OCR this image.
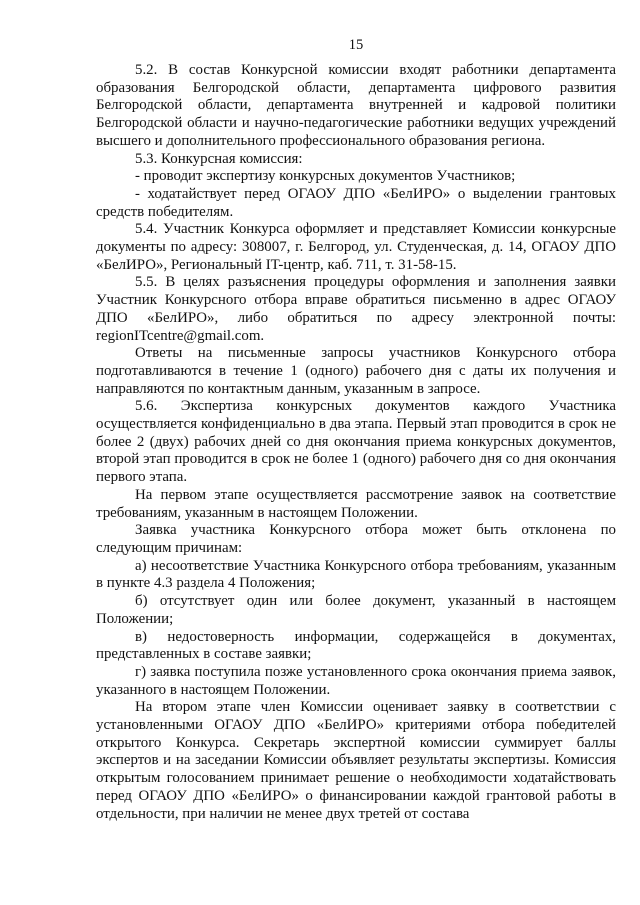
15

5.2. В состав Конкурсной комиссии входят работники департамента образования Белгородской области, департамента цифрового развития Белгородской области, департамента внутренней и кадровой политики Белгородской области и научно-педагогические работники ведущих учреждений высшего и дополнительного профессионального образования региона.

5.3. Конкурсная комиссия:

- проводит экспертизу конкурсных документов Участников;

- ходатайствует перед ОГАОУ ДПО «БелИРО» о выделении грантовых средств победителям.

5.4. Участник Конкурса оформляет и представляет Комиссии конкурсные документы по адресу: 308007, г. Белгород, ул. Студенческая, д. 14, ОГАОУ ДПО «БелИРО», Региональный IT-центр, каб. 711, т. 31-58-15.

5.5. В целях разъяснения процедуры оформления и заполнения заявки Участник Конкурсного отбора вправе обратиться письменно в адрес ОГАОУ ДПО «БелИРО», либо обратиться по адресу электронной почты: regionITcentre@gmail.com.

Ответы на письменные запросы участников Конкурсного отбора подготавливаются в течение 1 (одного) рабочего дня с даты их получения и направляются по контактным данным, указанным в запросе.

5.6. Экспертиза конкурсных документов каждого Участника осуществляется конфиденциально в два этапа. Первый этап проводится в срок не более 2 (двух) рабочих дней со дня окончания приема конкурсных документов, второй этап проводится в срок не более 1 (одного) рабочего дня со дня окончания первого этапа.

На первом этапе осуществляется рассмотрение заявок на соответствие требованиям, указанным в настоящем Положении.

Заявка участника Конкурсного отбора может быть отклонена по следующим причинам:

а) несоответствие Участника Конкурсного отбора требованиям, указанным в пункте 4.3 раздела 4 Положения;

б) отсутствует один или более документ, указанный в настоящем Положении;

в) недостоверность информации, содержащейся в документах, представленных в составе заявки;

г) заявка поступила позже установленного срока окончания приема заявок, указанного в настоящем Положении.

На втором этапе член Комиссии оценивает заявку в соответствии с установленными ОГАОУ ДПО «БелИРО» критериями отбора победителей открытого Конкурса. Секретарь экспертной комиссии суммирует баллы экспертов и на заседании Комиссии объявляет результаты экспертизы. Комиссия открытым голосованием принимает решение о необходимости ходатайствовать перед ОГАОУ ДПО «БелИРО» о финансировании каждой грантовой работы в отдельности, при наличии не менее двух третей от состава
